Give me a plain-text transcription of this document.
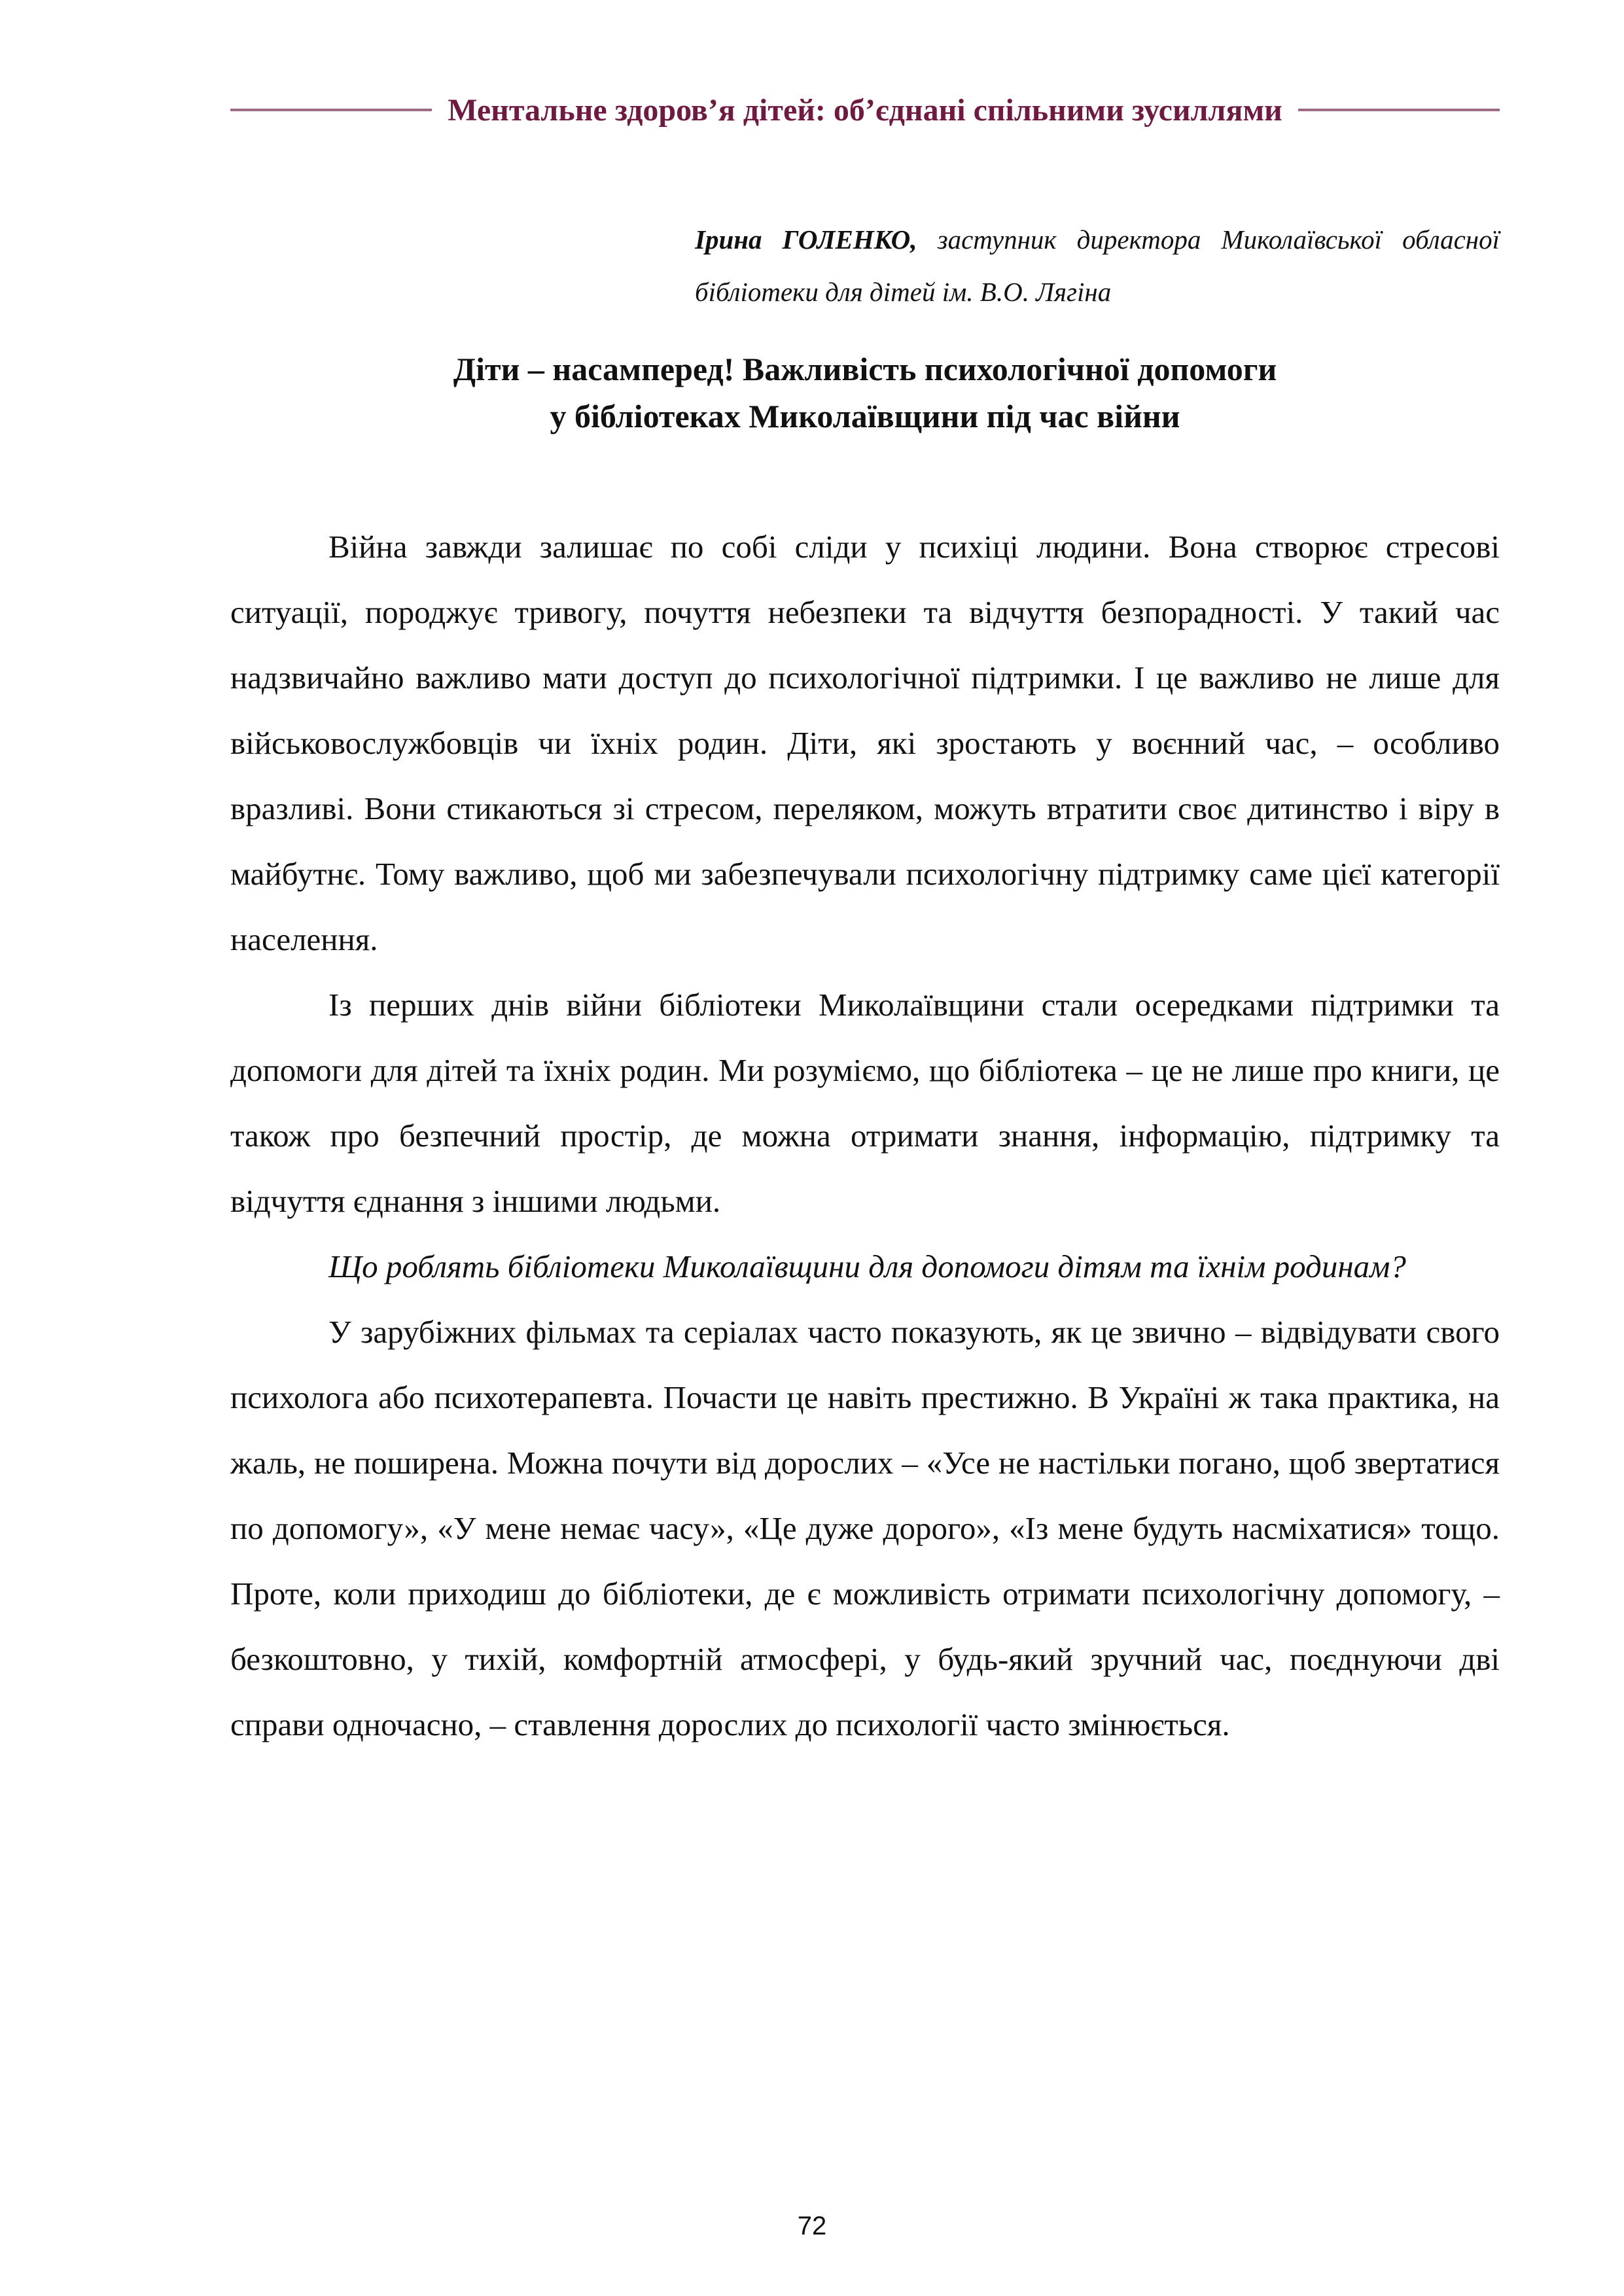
Ментальне здоров’я дітей: об’єднані спільними зусиллями
Ірина ГОЛЕНКО, заступник директора Миколаївської обласної бібліотеки для дітей ім. В.О. Лягіна
Діти – насамперед! Важливість психологічної допомоги
у бібліотеках Миколаївщини під час війни

Війна завжди залишає по собі сліди у психіці людини. Вона створює стресові ситуації, породжує тривогу, почуття небезпеки та відчуття безпорадності. У такий час надзвичайно важливо мати доступ до психологічної підтримки. І це важливо не лише для військовослужбовців чи їхніх родин. Діти, які зростають у воєнний час, – особливо вразливі. Вони стикаються зі стресом, переляком, можуть втратити своє дитинство і віру в майбутнє. Тому важливо, щоб ми забезпечували психологічну підтримку саме цієї категорії населення.

Із перших днів війни бібліотеки Миколаївщини стали осередками підтримки та допомоги для дітей та їхніх родин. Ми розуміємо, що бібліотека – це не лише про книги, це також про безпечний простір, де можна отримати знання, інформацію, підтримку та відчуття єднання з іншими людьми.

Що роблять бібліотеки Миколаївщини для допомоги дітям та їхнім родинам?

У зарубіжних фільмах та серіалах часто показують, як це звично – відвідувати свого психолога або психотерапевта. Почасти це навіть престижно. В Україні ж така практика, на жаль, не поширена. Можна почути від дорослих – «Усе не настільки погано, щоб звертатися по допомогу», «У мене немає часу», «Це дуже дорого», «Із мене будуть насміхатися» тощо. Проте, коли приходиш до бібліотеки, де є можливість отримати психологічну допомогу, – безкоштовно, у тихій, комфортній атмосфері, у будь-який зручний час, поєднуючи дві справи одночасно, – ставлення дорослих до психології часто змінюється.

72
